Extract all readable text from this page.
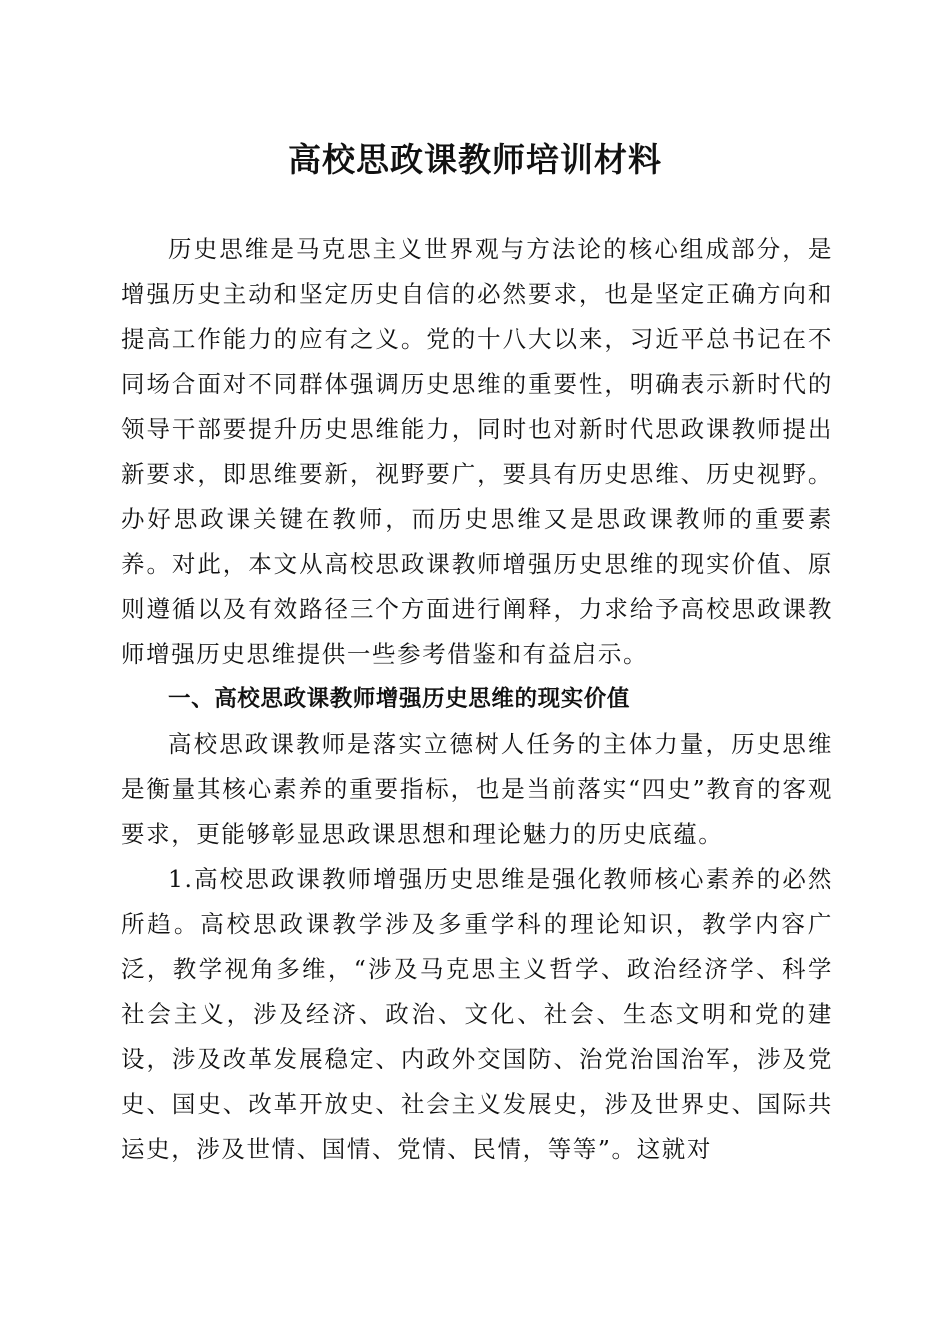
高校思政课教师培训材料

历史思维是马克思主义世界观与方法论的核心组成部分，是增强历史主动和坚定历史自信的必然要求，也是坚定正确方向和提高工作能力的应有之义。党的十八大以来，习近平总书记在不同场合面对不同群体强调历史思维的重要性，明确表示新时代的领导干部要提升历史思维能力，同时也对新时代思政课教师提出新要求，即思维要新，视野要广，要具有历史思维、历史视野。办好思政课关键在教师，而历史思维又是思政课教师的重要素养。对此，本文从高校思政课教师增强历史思维的现实价值、原则遵循以及有效路径三个方面进行阐释，力求给予高校思政课教师增强历史思维提供一些参考借鉴和有益启示。

一、高校思政课教师增强历史思维的现实价值

高校思政课教师是落实立德树人任务的主体力量，历史思维是衡量其核心素养的重要指标，也是当前落实“四史”教育的客观要求，更能够彰显思政课思想和理论魅力的历史底蕴。

1.高校思政课教师增强历史思维是强化教师核心素养的必然所趋。高校思政课教学涉及多重学科的理论知识，教学内容广泛，教学视角多维，“涉及马克思主义哲学、政治经济学、科学社会主义，涉及经济、政治、文化、社会、生态文明和党的建设，涉及改革发展稳定、内政外交国防、治党治国治军，涉及党史、国史、改革开放史、社会主义发展史，涉及世界史、国际共运史，涉及世情、国情、党情、民情，等等”。这就对
